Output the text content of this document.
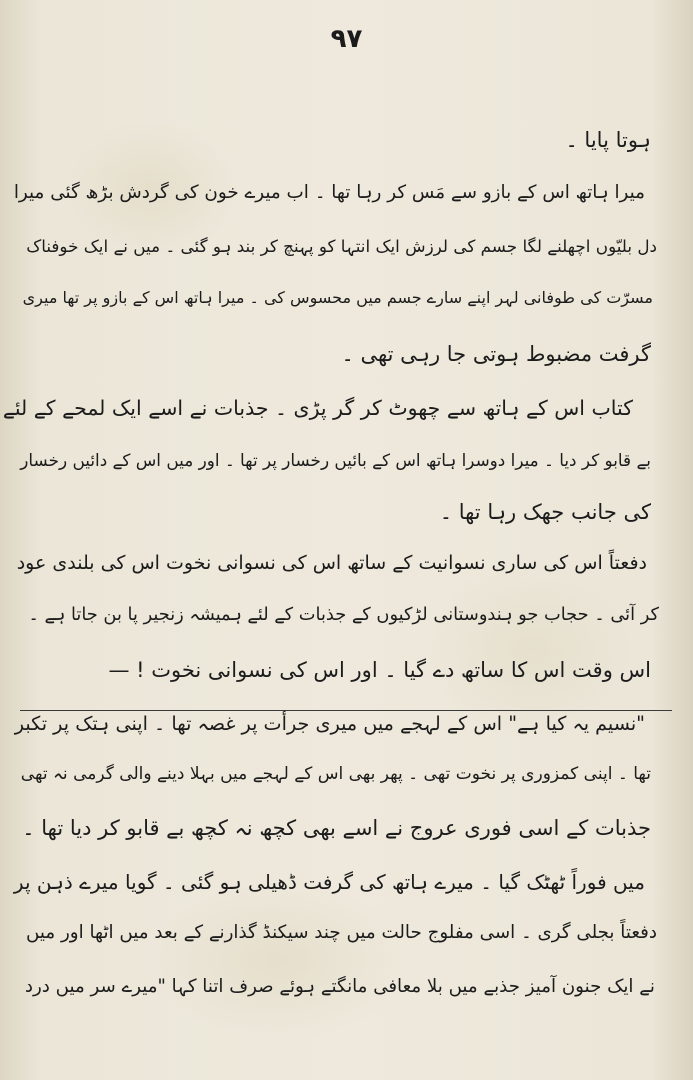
۹۷
ہوتا پایا ۔
میرا ہاتھ اس کے بازو سے مَس کر رہا تھا ۔ اب میرے خون کی گردش بڑھ گئی میرا
دل بلیّوں اچھلنے لگا جسم کی لرزش ایک انتہا کو پہنچ کر بند ہو گئی ۔ میں نے ایک خوفناک
مسرّت کی طوفانی لہر اپنے سارے جسم میں محسوس کی ۔ میرا ہاتھ اس کے بازو پر تھا میری
گرفت مضبوط ہوتی جا رہی تھی ۔
کتاب اس کے ہاتھ سے چھوٹ کر گر پڑی ۔ جذبات نے اسے ایک لمحے کے لئے
بے قابو کر دیا ۔ میرا دوسرا ہاتھ اس کے بائیں رخسار پر تھا ۔ اور میں اس کے دائیں رخسار
کی جانب جھک رہا تھا ۔
دفعتاً اس کی ساری نسوانیت کے ساتھ اس کی نسوانی نخوت اس کی بلندی عود
کر آئی ۔ حجاب جو ہندوستانی لڑکیوں کے جذبات کے لئے ہمیشہ زنجیر پا بن جاتا ہے ۔
اس وقت اس کا ساتھ دے گیا ۔ اور اس کی نسوانی نخوت ! —
"نسیم یہ کیا ہے" اس کے لہجے میں میری جرأت پر غصہ تھا ۔ اپنی ہتک پر تکبر
تھا ۔ اپنی کمزوری پر نخوت تھی ۔ پھر بھی اس کے لہجے میں بہلا دینے والی گرمی نہ تھی
جذبات کے اسی فوری عروج نے اسے بھی کچھ نہ کچھ بے قابو کر دیا تھا ۔
میں فوراً ٹھٹک گیا ۔ میرے ہاتھ کی گرفت ڈھیلی ہو گئی ۔ گویا میرے ذہن پر
دفعتاً بجلی گری ۔ اسی مفلوج حالت میں چند سیکنڈ گذارنے کے بعد میں اٹھا اور میں
نے ایک جنون آمیز جذبے میں بلا معافی مانگتے ہوئے صرف اتنا کہا "میرے سر میں درد
